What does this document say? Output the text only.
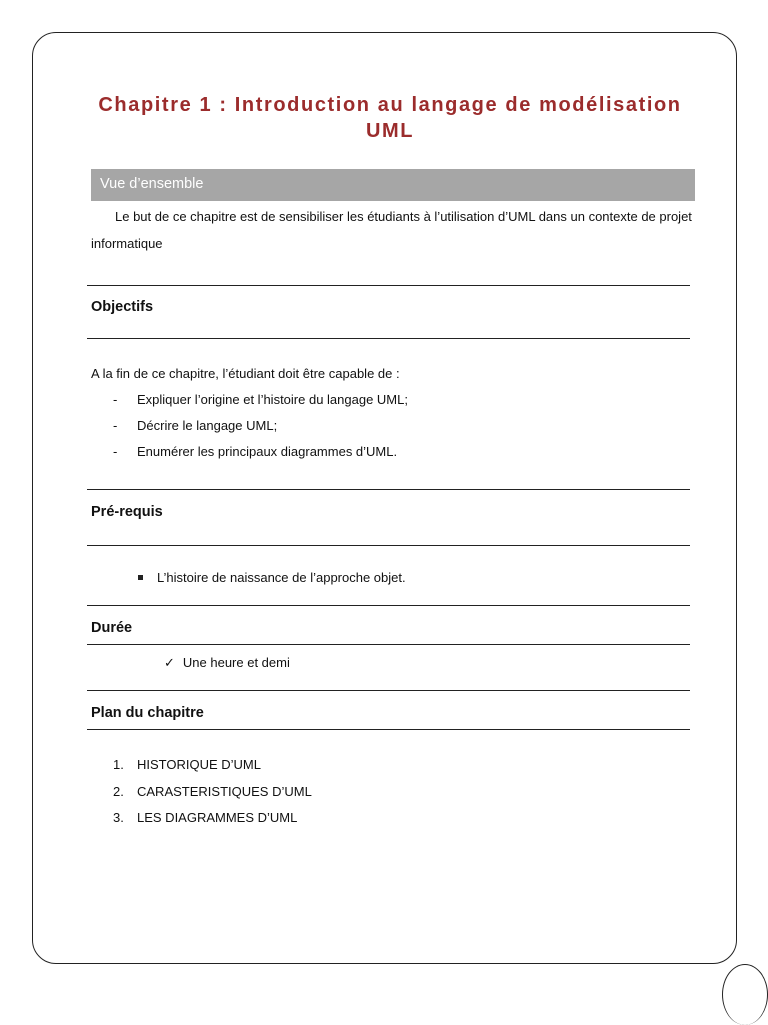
Chapitre 1 : Introduction au langage de modélisation
UML
Vue d’ensemble
Le but de ce chapitre est de sensibiliser les étudiants à l’utilisation d’UML dans un contexte de projet informatique
Objectifs
A la fin de ce chapitre, l’étudiant doit être capable de :
- Expliquer l’origine et l’histoire du langage UML;
- Décrire le langage UML;
- Enumérer les principaux diagrammes d’UML.
Pré-requis
L’histoire de naissance de l’approche objet.
Durée
✓ Une heure et demi
Plan du chapitre
1. HISTORIQUE D’UML
2. CARASTERISTIQUES D’UML
3. LES DIAGRAMMES D’UML
